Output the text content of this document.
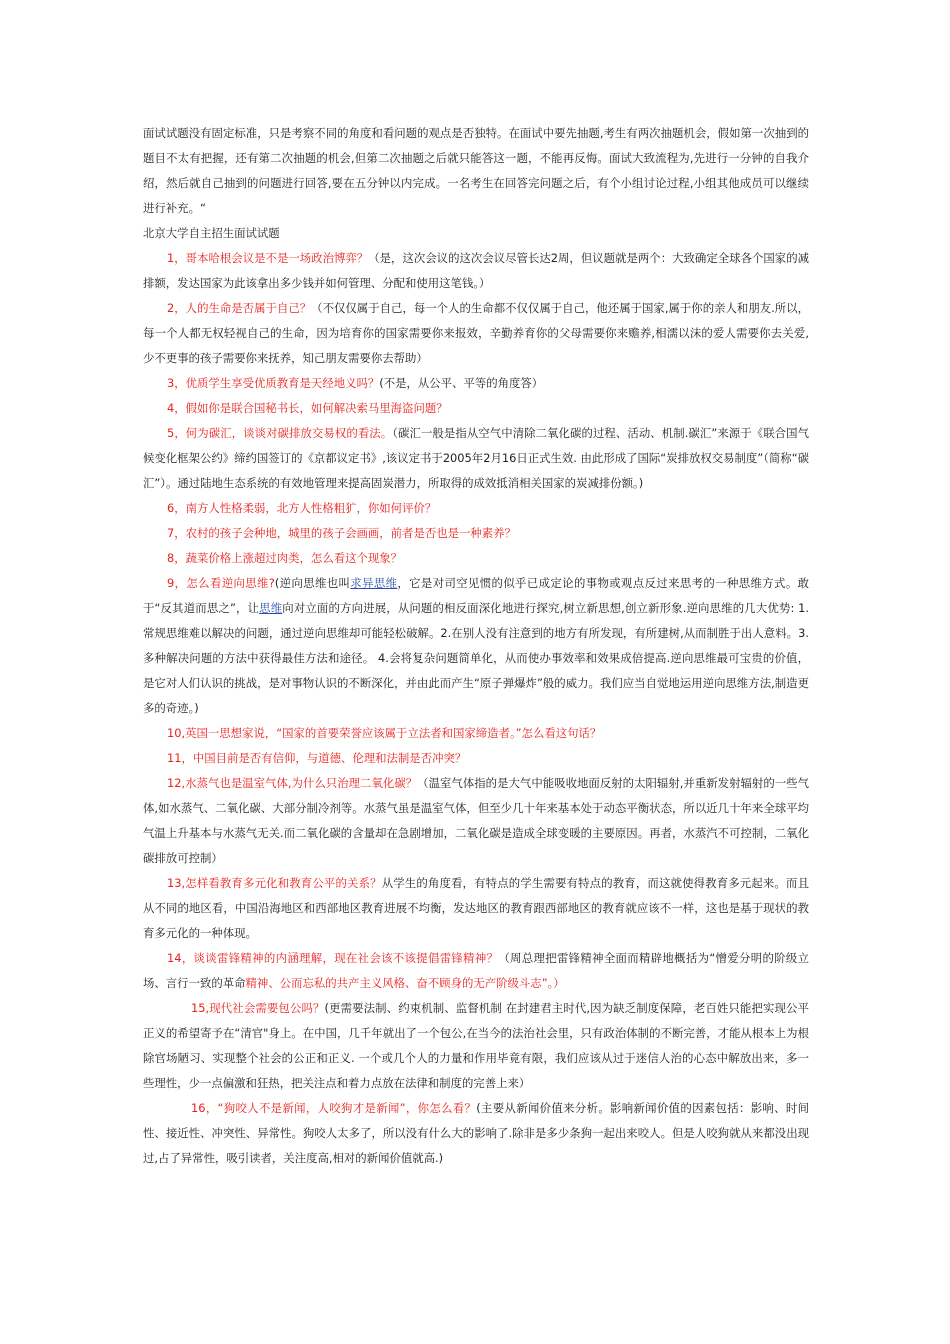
面试试题没有固定标准，只是考察不同的角度和看问题的观点是否独特。在面试中要先抽题,考生有两次抽题机会，假如第一次抽到的题目不太有把握，还有第二次抽题的机会,但第二次抽题之后就只能答这一题，不能再反悔。面试大致流程为,先进行一分钟的自我介绍，然后就自己抽到的问题进行回答,要在五分钟以内完成。一名考生在回答完问题之后，有个小组讨论过程,小组其他成员可以继续进行补充。“

北京大学自主招生面试试题

1，哥本哈根会议是不是一场政治博弈？（是，这次会议的这次会议尽管长达2周，但议题就是两个：大致确定全球各个国家的减排额，发达国家为此该拿出多少钱并如何管理、分配和使用这笔钱。）

2，人的生命是否属于自己？（不仅仅属于自己，每一个人的生命都不仅仅属于自己，他还属于国家,属于你的亲人和朋友.所以，每一个人都无权轻视自己的生命，因为培育你的国家需要你来报效，辛勤养育你的父母需要你来赡养,相濡以沫的爱人需要你去关爱,少不更事的孩子需要你来抚养，知己朋友需要你去帮助）

3，优质学生享受优质教育是天经地义吗？(不是，从公平、平等的角度答）

4，假如你是联合国秘书长，如何解决索马里海盗问题？

5，何为碳汇，谈谈对碳排放交易权的看法。（碳汇一般是指从空气中清除二氧化碳的过程、活动、机制.碳汇”来源于《联合国气候变化框架公约》缔约国签订的《京都议定书》,该议定书于2005年2月16日正式生效. 由此形成了国际“炭排放权交易制度”（简称“碳汇”）。通过陆地生态系统的有效地管理来提高固炭潜力，所取得的成效抵消相关国家的炭减排份额。)

6，南方人性格柔弱，北方人性格粗犷，你如何评价？

7，农村的孩子会种地，城里的孩子会画画，前者是否也是一种素养？

8，蔬菜价格上涨超过肉类，怎么看这个现象？

9，怎么看逆向思维?(逆向思维也叫求异思维，它是对司空见惯的似乎已成定论的事物或观点反过来思考的一种思维方式。敢于“反其道而思之”，让思维向对立面的方向进展，从问题的相反面深化地进行探究,树立新思想,创立新形象.逆向思维的几大优势: 1.常规思维难以解决的问题，通过逆向思维却可能轻松破解。2.在别人没有注意到的地方有所发现，有所建树,从而制胜于出人意料。3.多种解决问题的方法中获得最佳方法和途径。 4.会将复杂问题简单化，从而使办事效率和效果成倍提高.逆向思维最可宝贵的价值，是它对人们认识的挑战，是对事物认识的不断深化，并由此而产生“原子弹爆炸”般的威力。我们应当自觉地运用逆向思维方法,制造更多的奇迹。)

10,英国一思想家说，“国家的首要荣誉应该属于立法者和国家缔造者。”怎么看这句话？

11，中国目前是否有信仰，与道德、伦理和法制是否冲突？

12,水蒸气也是温室气体,为什么只治理二氧化碳？（温室气体指的是大气中能吸收地面反射的太阳辐射,并重新发射辐射的一些气体,如水蒸气、二氧化碳、大部分制冷剂等。水蒸气虽是温室气体，但至少几十年来基本处于动态平衡状态，所以近几十年来全球平均气温上升基本与水蒸气无关.而二氧化碳的含量却在急剧增加，二氧化碳是造成全球变暖的主要原因。再者，水蒸汽不可控制，二氧化碳排放可控制）

13,怎样看教育多元化和教育公平的关系？从学生的角度看，有特点的学生需要有特点的教育，而这就使得教育多元起来。而且从不同的地区看，中国沿海地区和西部地区教育进展不均衡，发达地区的教育跟西部地区的教育就应该不一样，这也是基于现状的教育多元化的一种体现。

14，谈谈雷锋精神的内涵理解，现在社会该不该提倡雷锋精神？（周总理把雷锋精神全面而精辟地概括为“憎爱分明的阶级立场、言行一致的革命精神、公而忘私的共产主义风格、奋不顾身的无产阶级斗志”。）

15,现代社会需要包公吗？(更需要法制、约束机制、监督机制 在封建君主时代,因为缺乏制度保障，老百姓只能把实现公平正义的希望寄予在“清官"身上。在中国，几千年就出了一个包公,在当今的法治社会里，只有政治体制的不断完善，才能从根本上为根除官场陋习、实现整个社会的公正和正义. 一个或几个人的力量和作用毕竟有限，我们应该从过于迷信人治的心态中解放出来，多一些理性，少一点偏激和狂热，把关注点和着力点放在法律和制度的完善上来）

16，“狗咬人不是新闻，人咬狗才是新闻”，你怎么看？(主要从新闻价值来分析。影响新闻价值的因素包括：影响、时间性、接近性、冲突性、异常性。狗咬人太多了，所以没有什么大的影响了.除非是多少条狗一起出来咬人。但是人咬狗就从来都没出现过,占了异常性，吸引读者，关注度高,相对的新闻价值就高.)
